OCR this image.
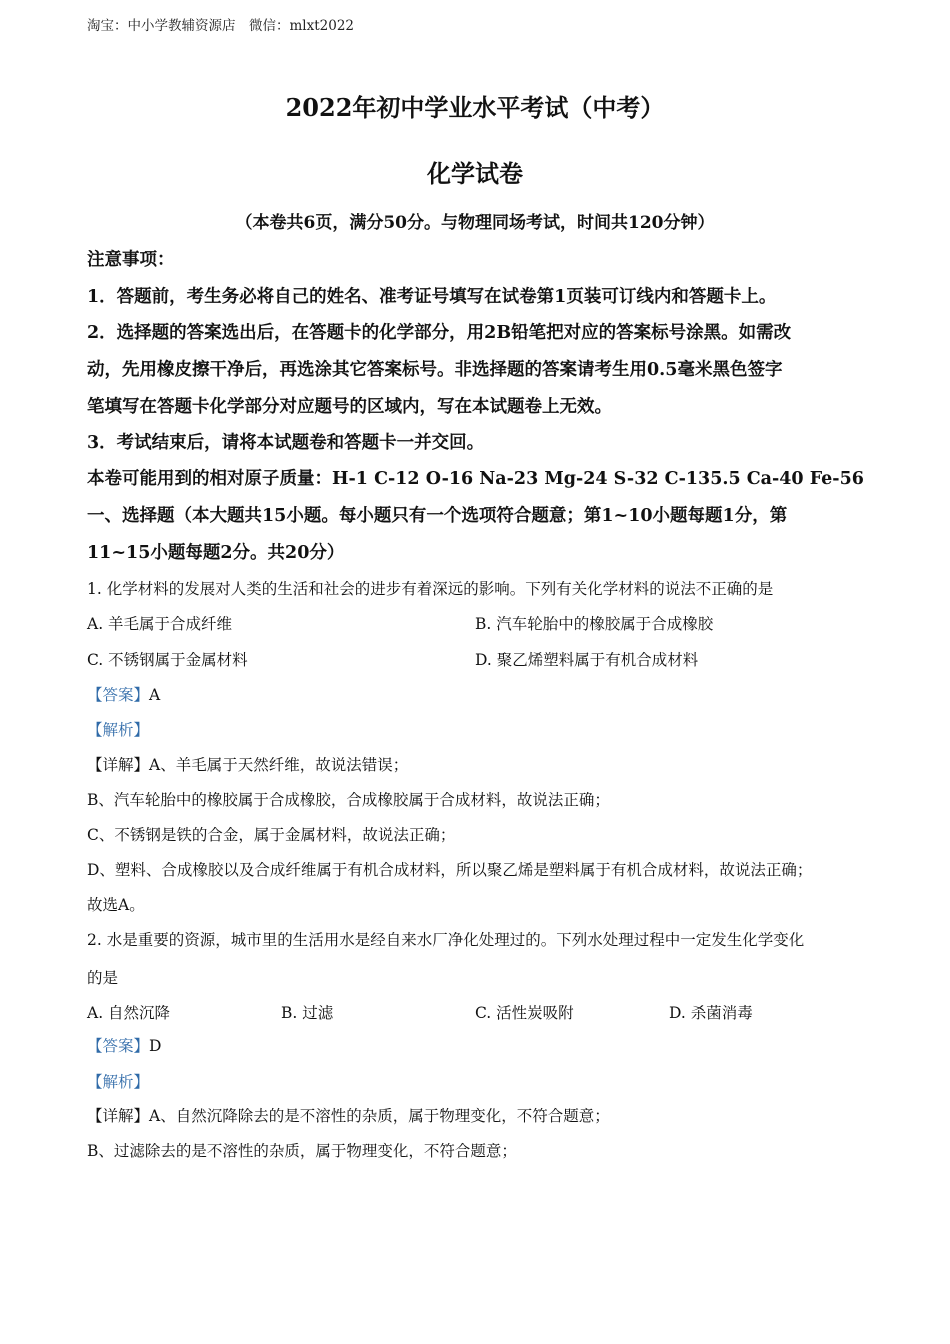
淘宝：中小学教辅资源店　微信：mlxt2022
2022年初中学业水平考试（中考）
化学试卷
（本卷共6页，满分50分。与物理同场考试，时间共120分钟）
注意事项：
1．答题前，考生务必将自己的姓名、准考证号填写在试卷第1页装可订线内和答题卡上。
2．选择题的答案选出后，在答题卡的化学部分，用2B铅笔把对应的答案标号涂黑。如需改
动，先用橡皮擦干净后，再选涂其它答案标号。非选择题的答案请考生用0.5毫米黑色签字
笔填写在答题卡化学部分对应题号的区域内，写在本试题卷上无效。
3．考试结束后，请将本试题卷和答题卡一并交回。
本卷可能用到的相对原子质量：H-1 C-12 O-16 Na-23 Mg-24 S-32 C-135.5 Ca-40 Fe-56
一、选择题（本大题共15小题。每小题只有一个选项符合题意；第1~10小题每题1分，第
11~15小题每题2分。共20分）
1. 化学材料的发展对人类的生活和社会的进步有着深远的影响。下列有关化学材料的说法不正确的是
A. 羊毛属于合成纤维	B. 汽车轮胎中的橡胶属于合成橡胶
C. 不锈钢属于金属材料	D. 聚乙烯塑料属于有机合成材料
【答案】A
【解析】
【详解】A、羊毛属于天然纤维，故说法错误；
B、汽车轮胎中的橡胶属于合成橡胶，合成橡胶属于合成材料，故说法正确；
C、不锈钢是铁的合金，属于金属材料，故说法正确；
D、塑料、合成橡胶以及合成纤维属于有机合成材料，所以聚乙烯是塑料属于有机合成材料，故说法正确；
故选A。
2. 水是重要的资源，城市里的生活用水是经自来水厂净化处理过的。下列水处理过程中一定发生化学变化
的是
A. 自然沉降	B. 过滤	C. 活性炭吸附	D. 杀菌消毒
【答案】D
【解析】
【详解】A、自然沉降除去的是不溶性的杂质，属于物理变化，不符合题意；
B、过滤除去的是不溶性的杂质，属于物理变化，不符合题意；
